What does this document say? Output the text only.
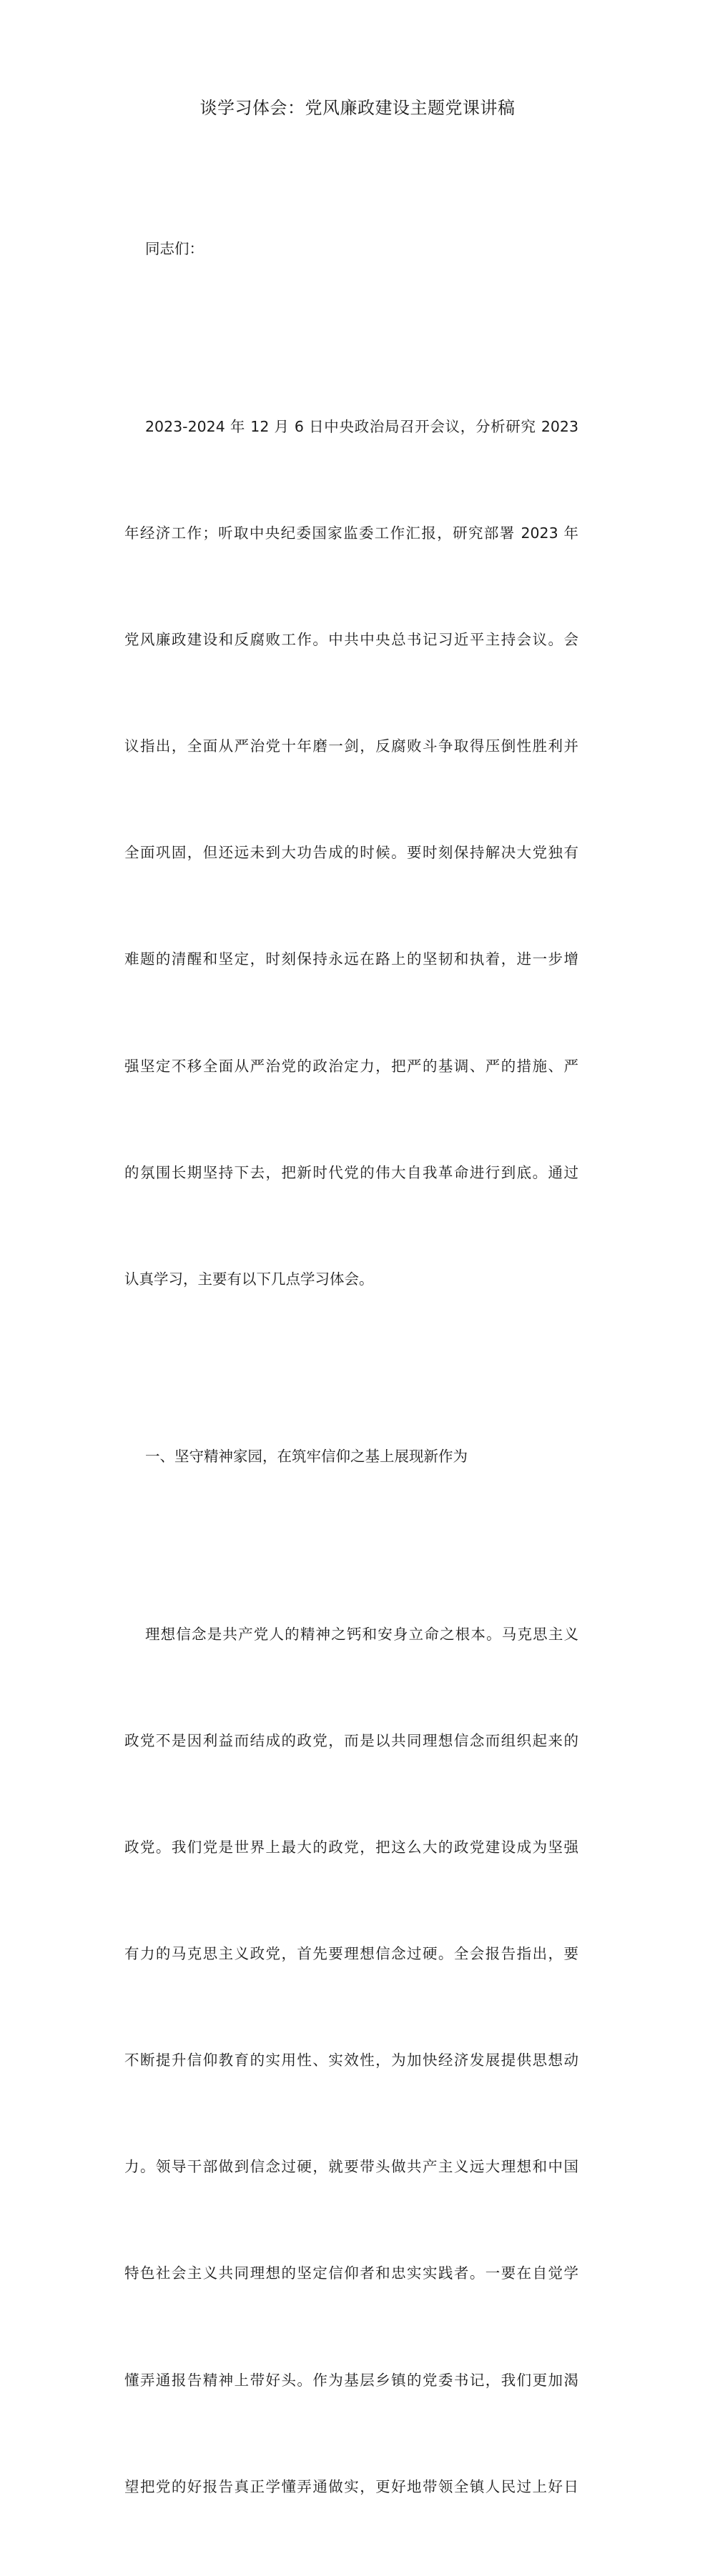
谈学习体会：党风廉政建设主题党课讲稿

同志们：

2023-2024 年 12 月 6 日中央政治局召开会议，分析研究 2023

年经济工作；听取中央纪委国家监委工作汇报，研究部署 2023 年

党风廉政建设和反腐败工作。中共中央总书记习近平主持会议。会

议指出，全面从严治党十年磨一剑，反腐败斗争取得压倒性胜利并

全面巩固，但还远未到大功告成的时候。要时刻保持解决大党独有

难题的清醒和坚定，时刻保持永远在路上的坚韧和执着，进一步增

强坚定不移全面从严治党的政治定力，把严的基调、严的措施、严

的氛围长期坚持下去，把新时代党的伟大自我革命进行到底。通过

认真学习，主要有以下几点学习体会。

一、坚守精神家园，在筑牢信仰之基上展现新作为

理想信念是共产党人的精神之钙和安身立命之根本。马克思主义

政党不是因利益而结成的政党，而是以共同理想信念而组织起来的

政党。我们党是世界上最大的政党，把这么大的政党建设成为坚强

有力的马克思主义政党，首先要理想信念过硬。全会报告指出，要

不断提升信仰教育的实用性、实效性，为加快经济发展提供思想动

力。领导干部做到信念过硬，就要带头做共产主义远大理想和中国

特色社会主义共同理想的坚定信仰者和忠实实践者。一要在自觉学

懂弄通报告精神上带好头。作为基层乡镇的党委书记，我们更加渴

望把党的好报告真正学懂弄通做实，更好地带领全镇人民过上好日
